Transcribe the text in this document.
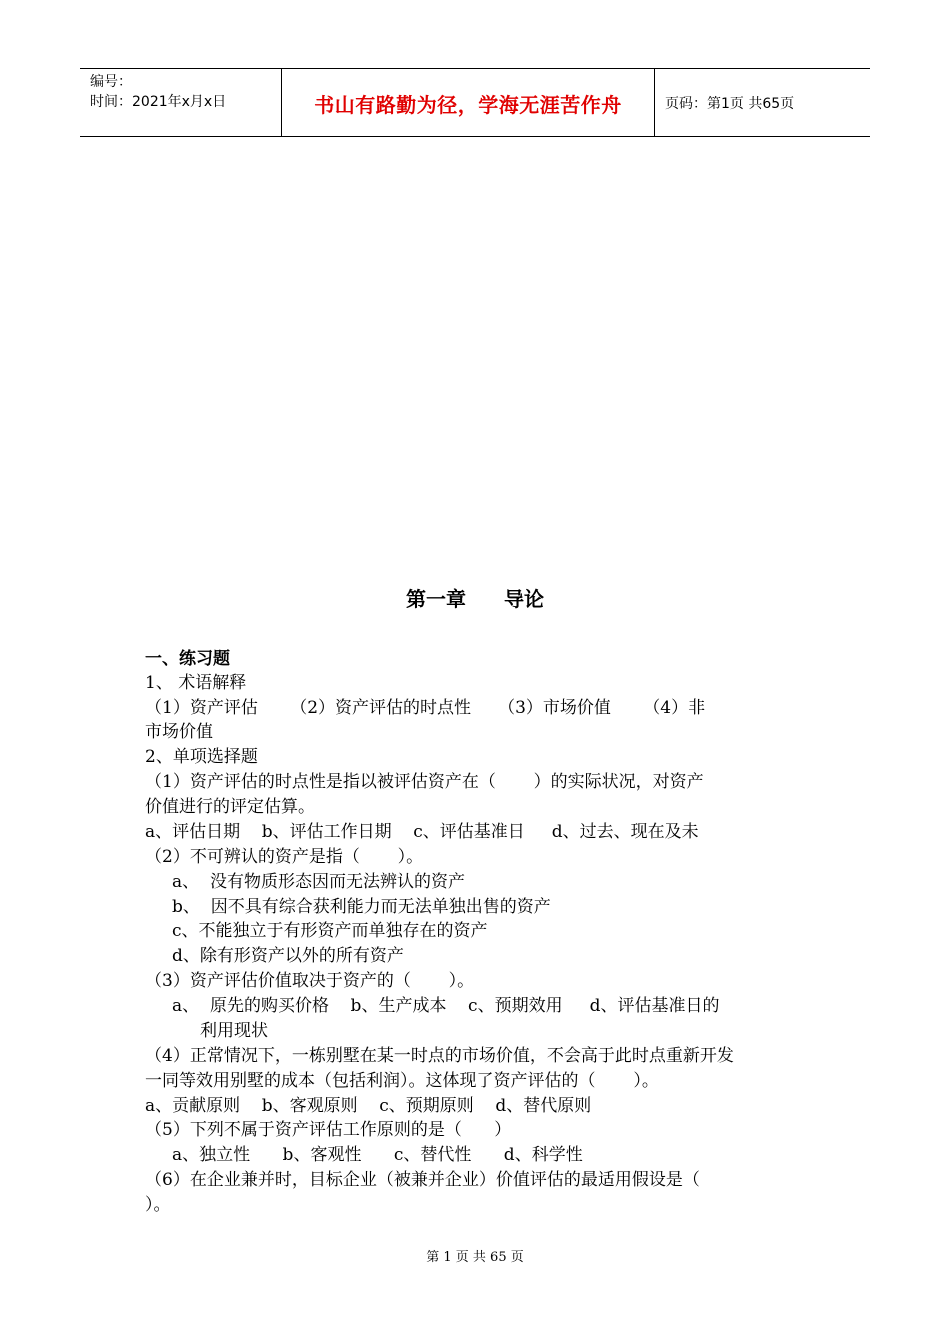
编号：
时间：2021年x月x日	书山有路勤为径，学海无涯苦作舟	页码：第1页 共65页
第一章 导论
一、练习题
1、 术语解释
（1）资产评估      （2）资产评估的时点性     （3）市场价值      （4）非
市场价值
2、单项选择题
（1）资产评估的时点性是指以被评估资产在（       ）的实际状况，对资产
价值进行的评定估算。
a、评估日期    b、评估工作日期    c、评估基准日     d、过去、现在及未
（2）不可辨认的资产是指（       ）。
a、  没有物质形态因而无法辨认的资产
b、  因不具有综合获利能力而无法单独出售的资产
c、不能独立于有形资产而单独存在的资产
d、除有形资产以外的所有资产
（3）资产评估价值取决于资产的（       ）。
a、  原先的购买价格    b、生产成本    c、预期效用     d、评估基准日的
利用现状
（4）正常情况下，一栋别墅在某一时点的市场价值，不会高于此时点重新开发
一同等效用别墅的成本（包括利润）。这体现了资产评估的（       ）。
a、贡献原则    b、客观原则    c、预期原则    d、替代原则
（5）下列不属于资产评估工作原则的是（      ）
a、独立性      b、客观性      c、替代性      d、科学性
（6）在企业兼并时，目标企业（被兼并企业）价值评估的最适用假设是（
）。
第 1 页 共 65 页
